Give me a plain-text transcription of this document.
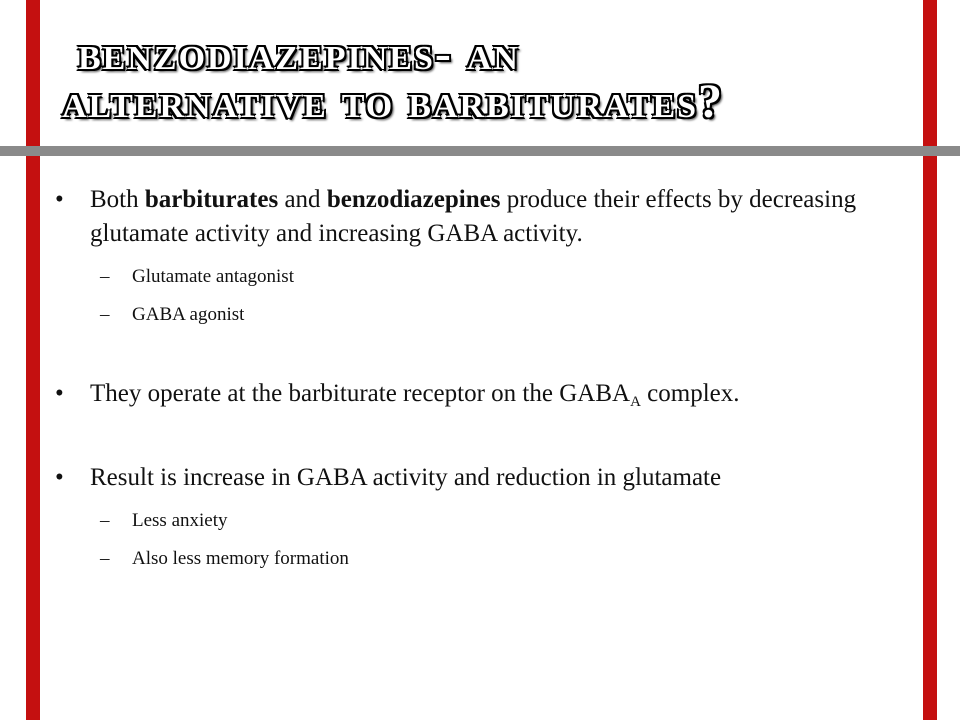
benzodiazepines- an
alternative to barbiturates?
• Both barbiturates and benzodiazepines produce their effects by decreasing glutamate activity and increasing GABA activity.
– Glutamate antagonist
– GABA agonist
• They operate at the barbiturate receptor on the $GABA_A$ complex.
• Result is increase in GABA activity and reduction in glutamate
– Less anxiety
– Also less memory formation
